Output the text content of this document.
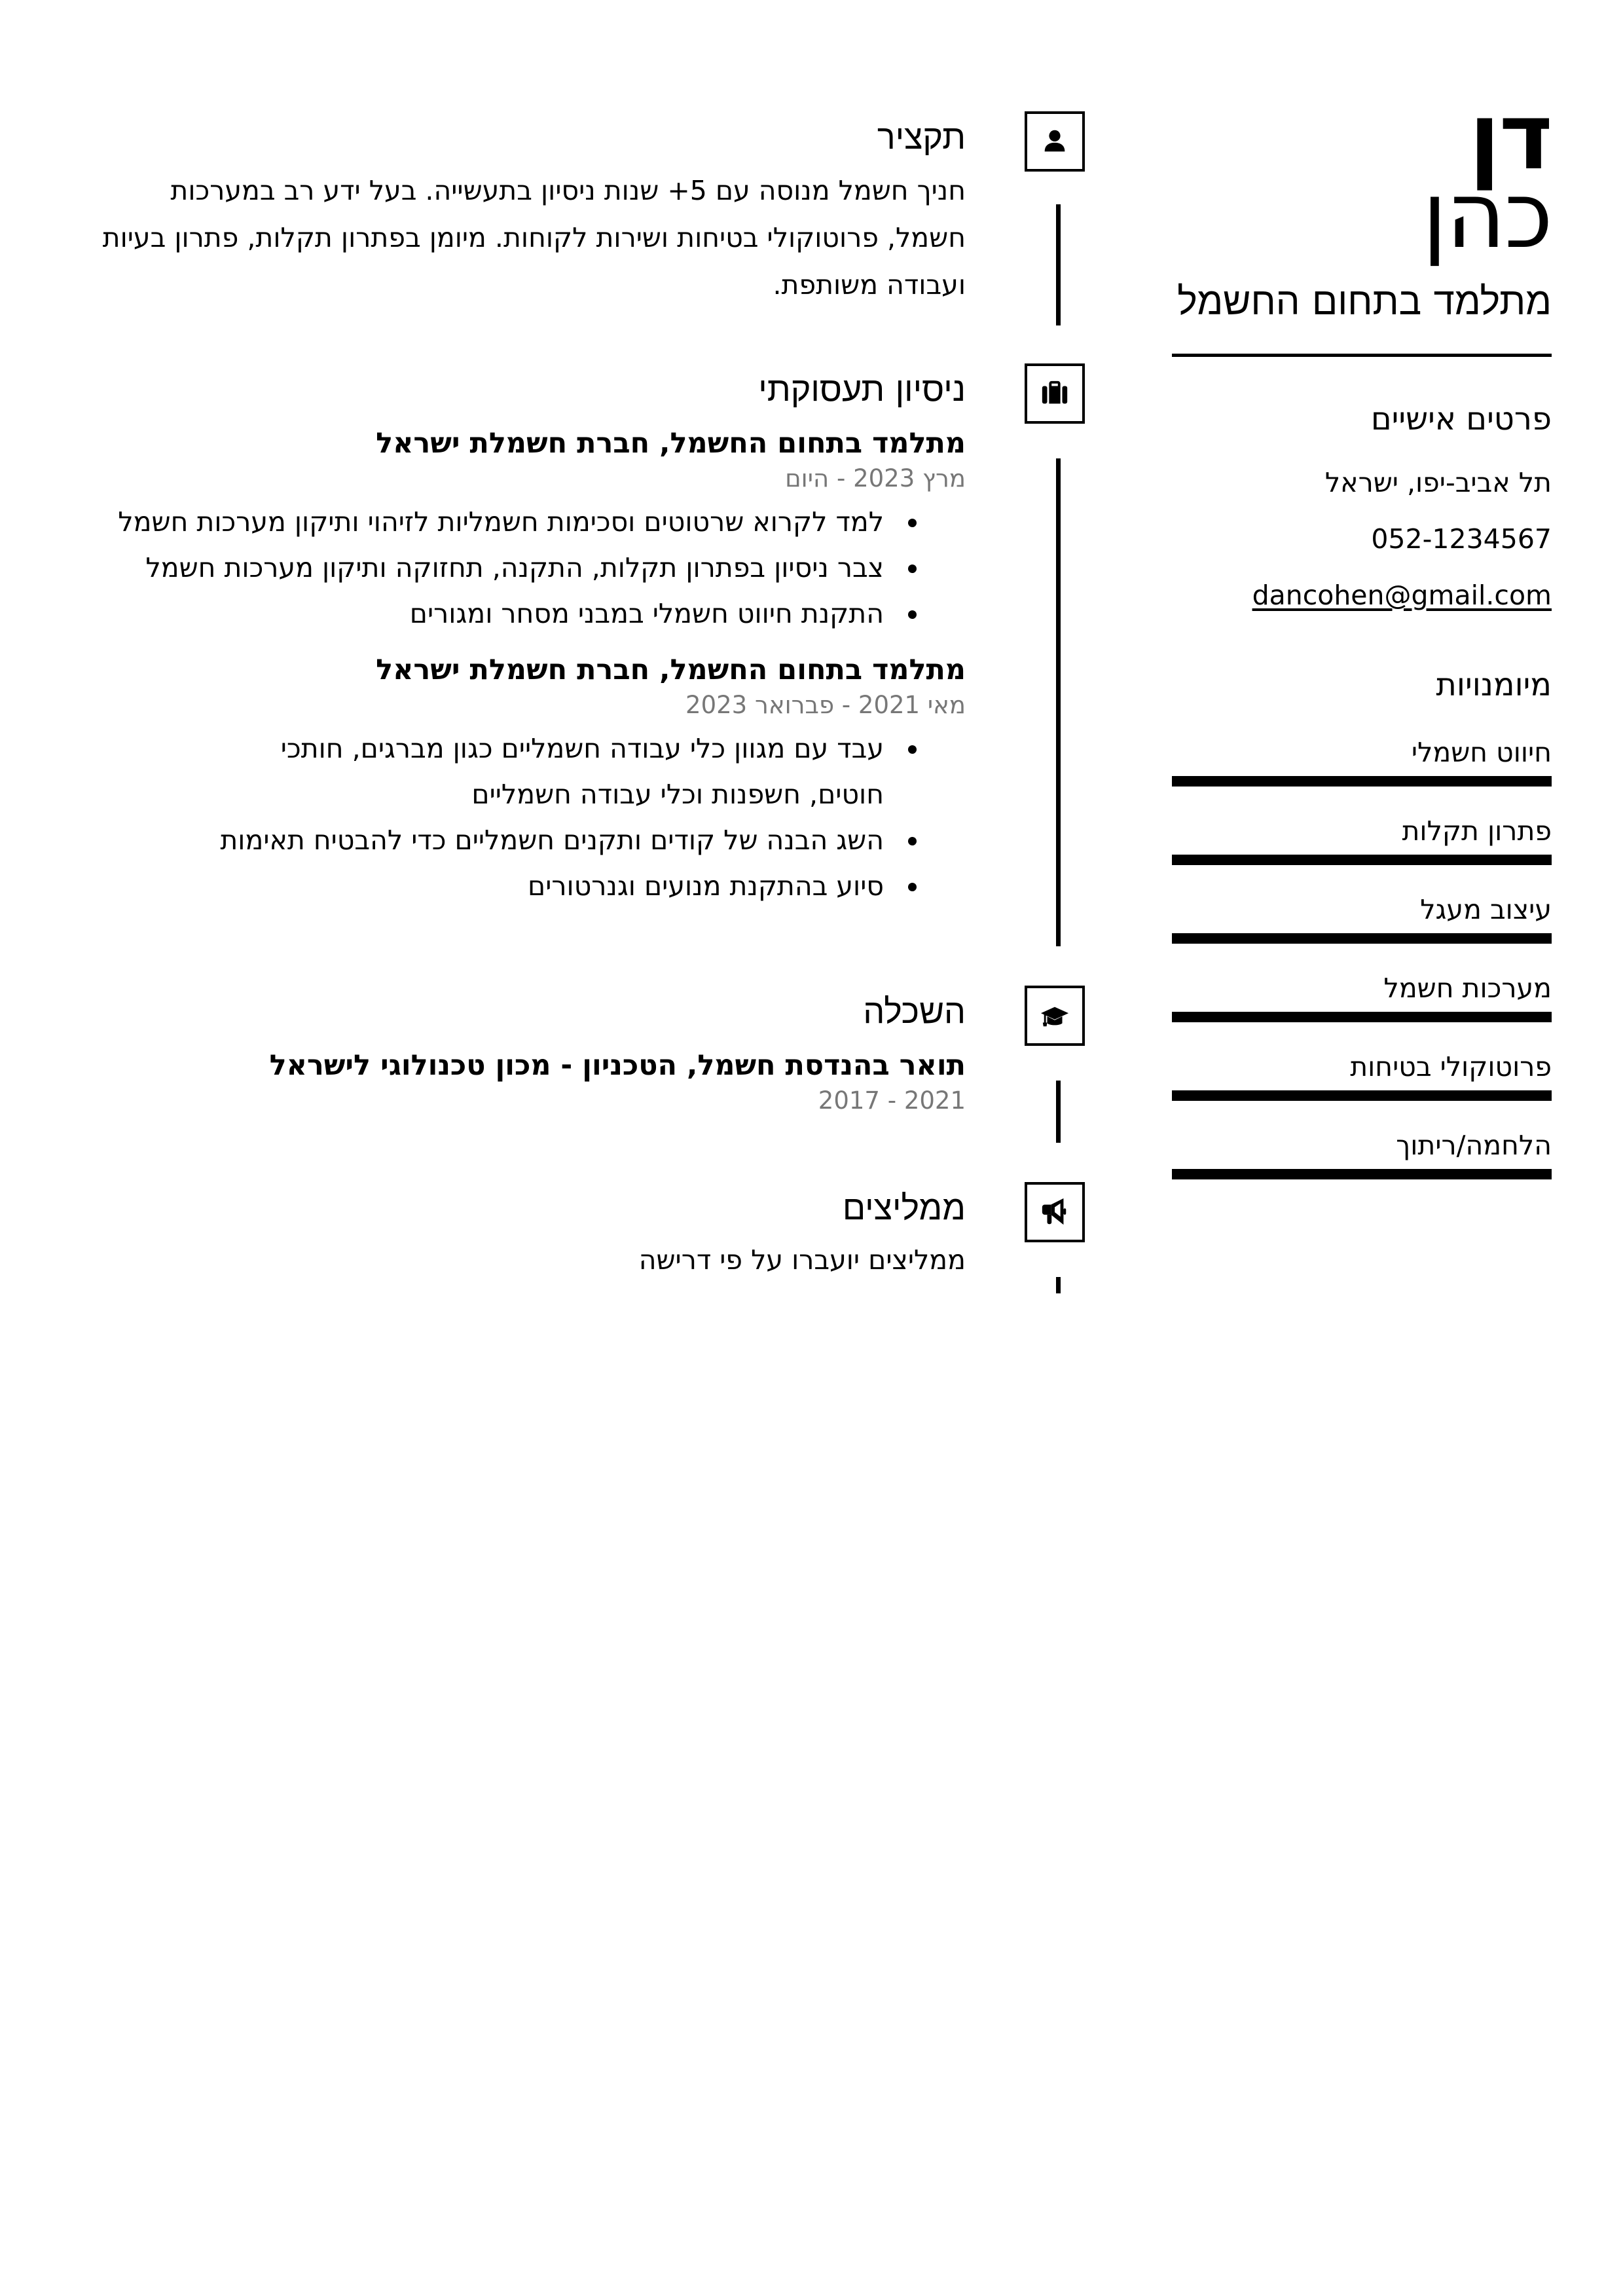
דן
כהן
מתלמד בתחום החשמל
פרטים אישיים
תל אביב-יפו, ישראל
052-1234567
dancohen@gmail.com
מיומנויות
חיווט חשמלי
פתרון תקלות
עיצוב מעגל
מערכות חשמל
פרוטוקולי בטיחות
הלחמה/ריתוך
תקציר
חניך חשמל מנוסה עם 5+ שנות ניסיון בתעשייה. בעל ידע רב במערכות חשמל, פרוטוקולי בטיחות ושירות לקוחות. מיומן בפתרון תקלות, פתרון בעיות ועבודה משותפת.
ניסיון תעסוקתי
מתלמד בתחום החשמל, חברת חשמלת ישראל
מרץ 2023 - היום
למד לקרוא שרטוטים וסכימות חשמליות לזיהוי ותיקון מערכות חשמל
צבר ניסיון בפתרון תקלות, התקנה, תחזוקה ותיקון מערכות חשמל
התקנת חיווט חשמלי במבני מסחר ומגורים
מתלמד בתחום החשמל, חברת חשמלת ישראל
מאי 2021 - פברואר 2023
עבד עם מגוון כלי עבודה חשמליים כגון מברגים, חותכי חוטים, חשפנות וכלי עבודה חשמליים
השג הבנה של קודים ותקנים חשמליים כדי להבטיח תאימות
סיוע בהתקנת מנועים וגנרטורים
השכלה
תואר בהנדסת חשמל, הטכניון - מכון טכנולוגי לישראל
2021 - 2017
ממליצים
ממליצים יועברו על פי דרישה
